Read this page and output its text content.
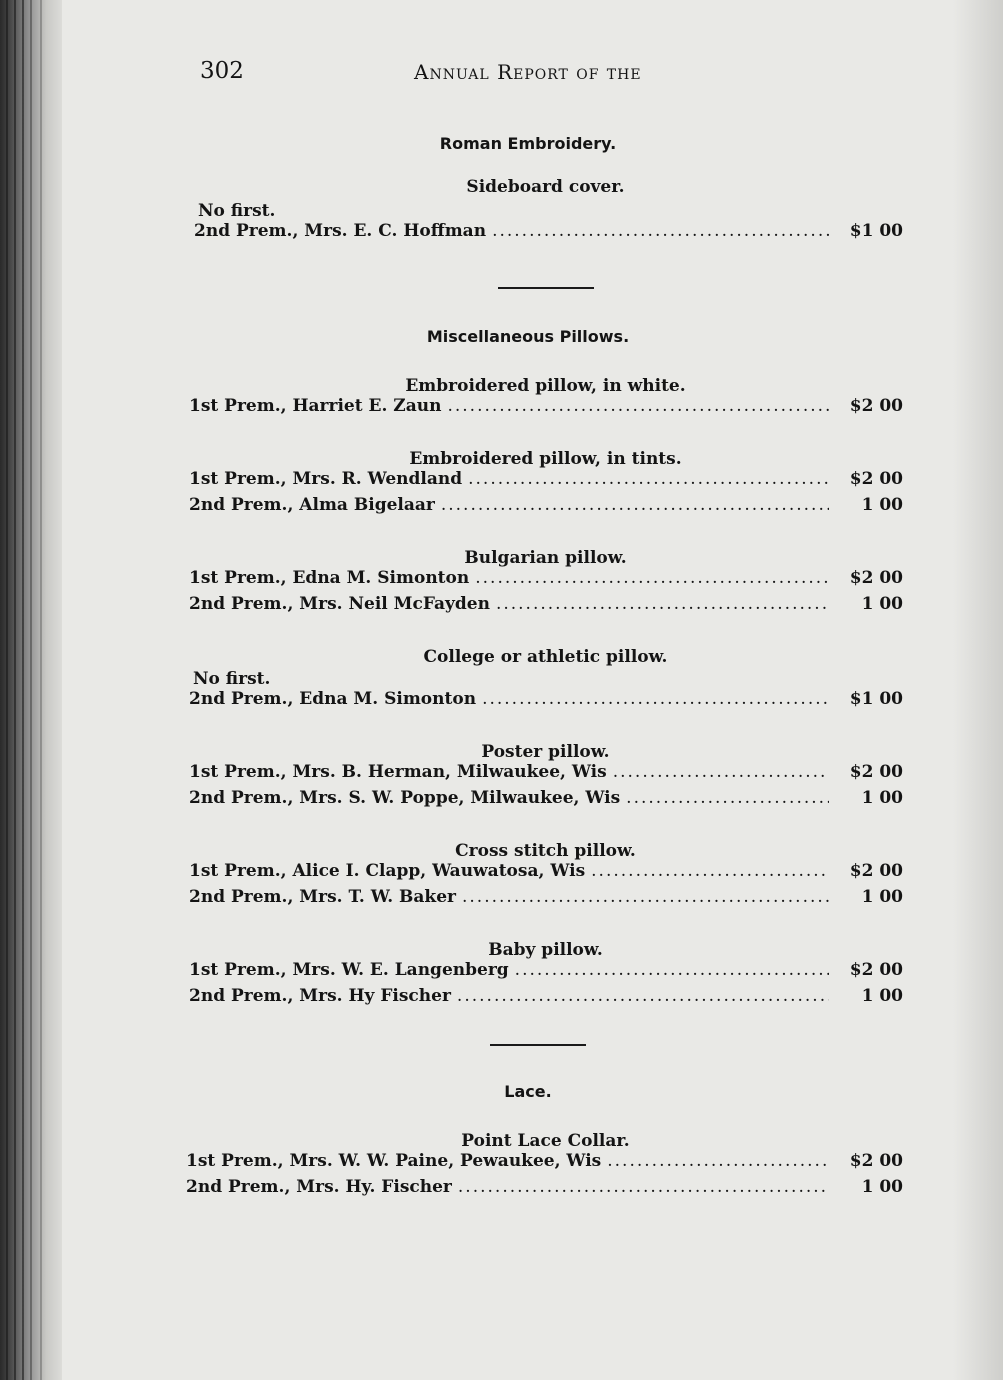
302	Annual Report of the
Roman Embroidery.
Sideboard cover.
No first.
2nd Prem., Mrs. E. C. Hoffman .....	$1 00
Miscellaneous Pillows.
Embroidered pillow, in white.
1st Prem., Harriet E. Zaun .....	$2 00
Embroidered pillow, in tints.
1st Prem., Mrs. R. Wendland .....	$2 00
2nd Prem., Alma Bigelaar .....	1 00
Bulgarian pillow.
1st Prem., Edna M. Simonton .....	$2 00
2nd Prem., Mrs. Neil McFayden .....	1 00
College or athletic pillow.
No first.
2nd Prem., Edna M. Simonton .....	$1 00
Poster pillow.
1st Prem., Mrs. B. Herman, Milwaukee, Wis .....	$2 00
2nd Prem., Mrs. S. W. Poppe, Milwaukee, Wis .....	1 00
Cross stitch pillow.
1st Prem., Alice I. Clapp, Wauwatosa, Wis .....	$2 00
2nd Prem., Mrs. T. W. Baker .....	1 00
Baby pillow.
1st Prem., Mrs. W. E. Langenberg .....	$2 00
2nd Prem., Mrs. Hy Fischer .....	1 00
Lace.
Point Lace Collar.
1st Prem., Mrs. W. W. Paine, Pewaukee, Wis .....	$2 00
2nd Prem., Mrs. Hy. Fischer .....	1 00
